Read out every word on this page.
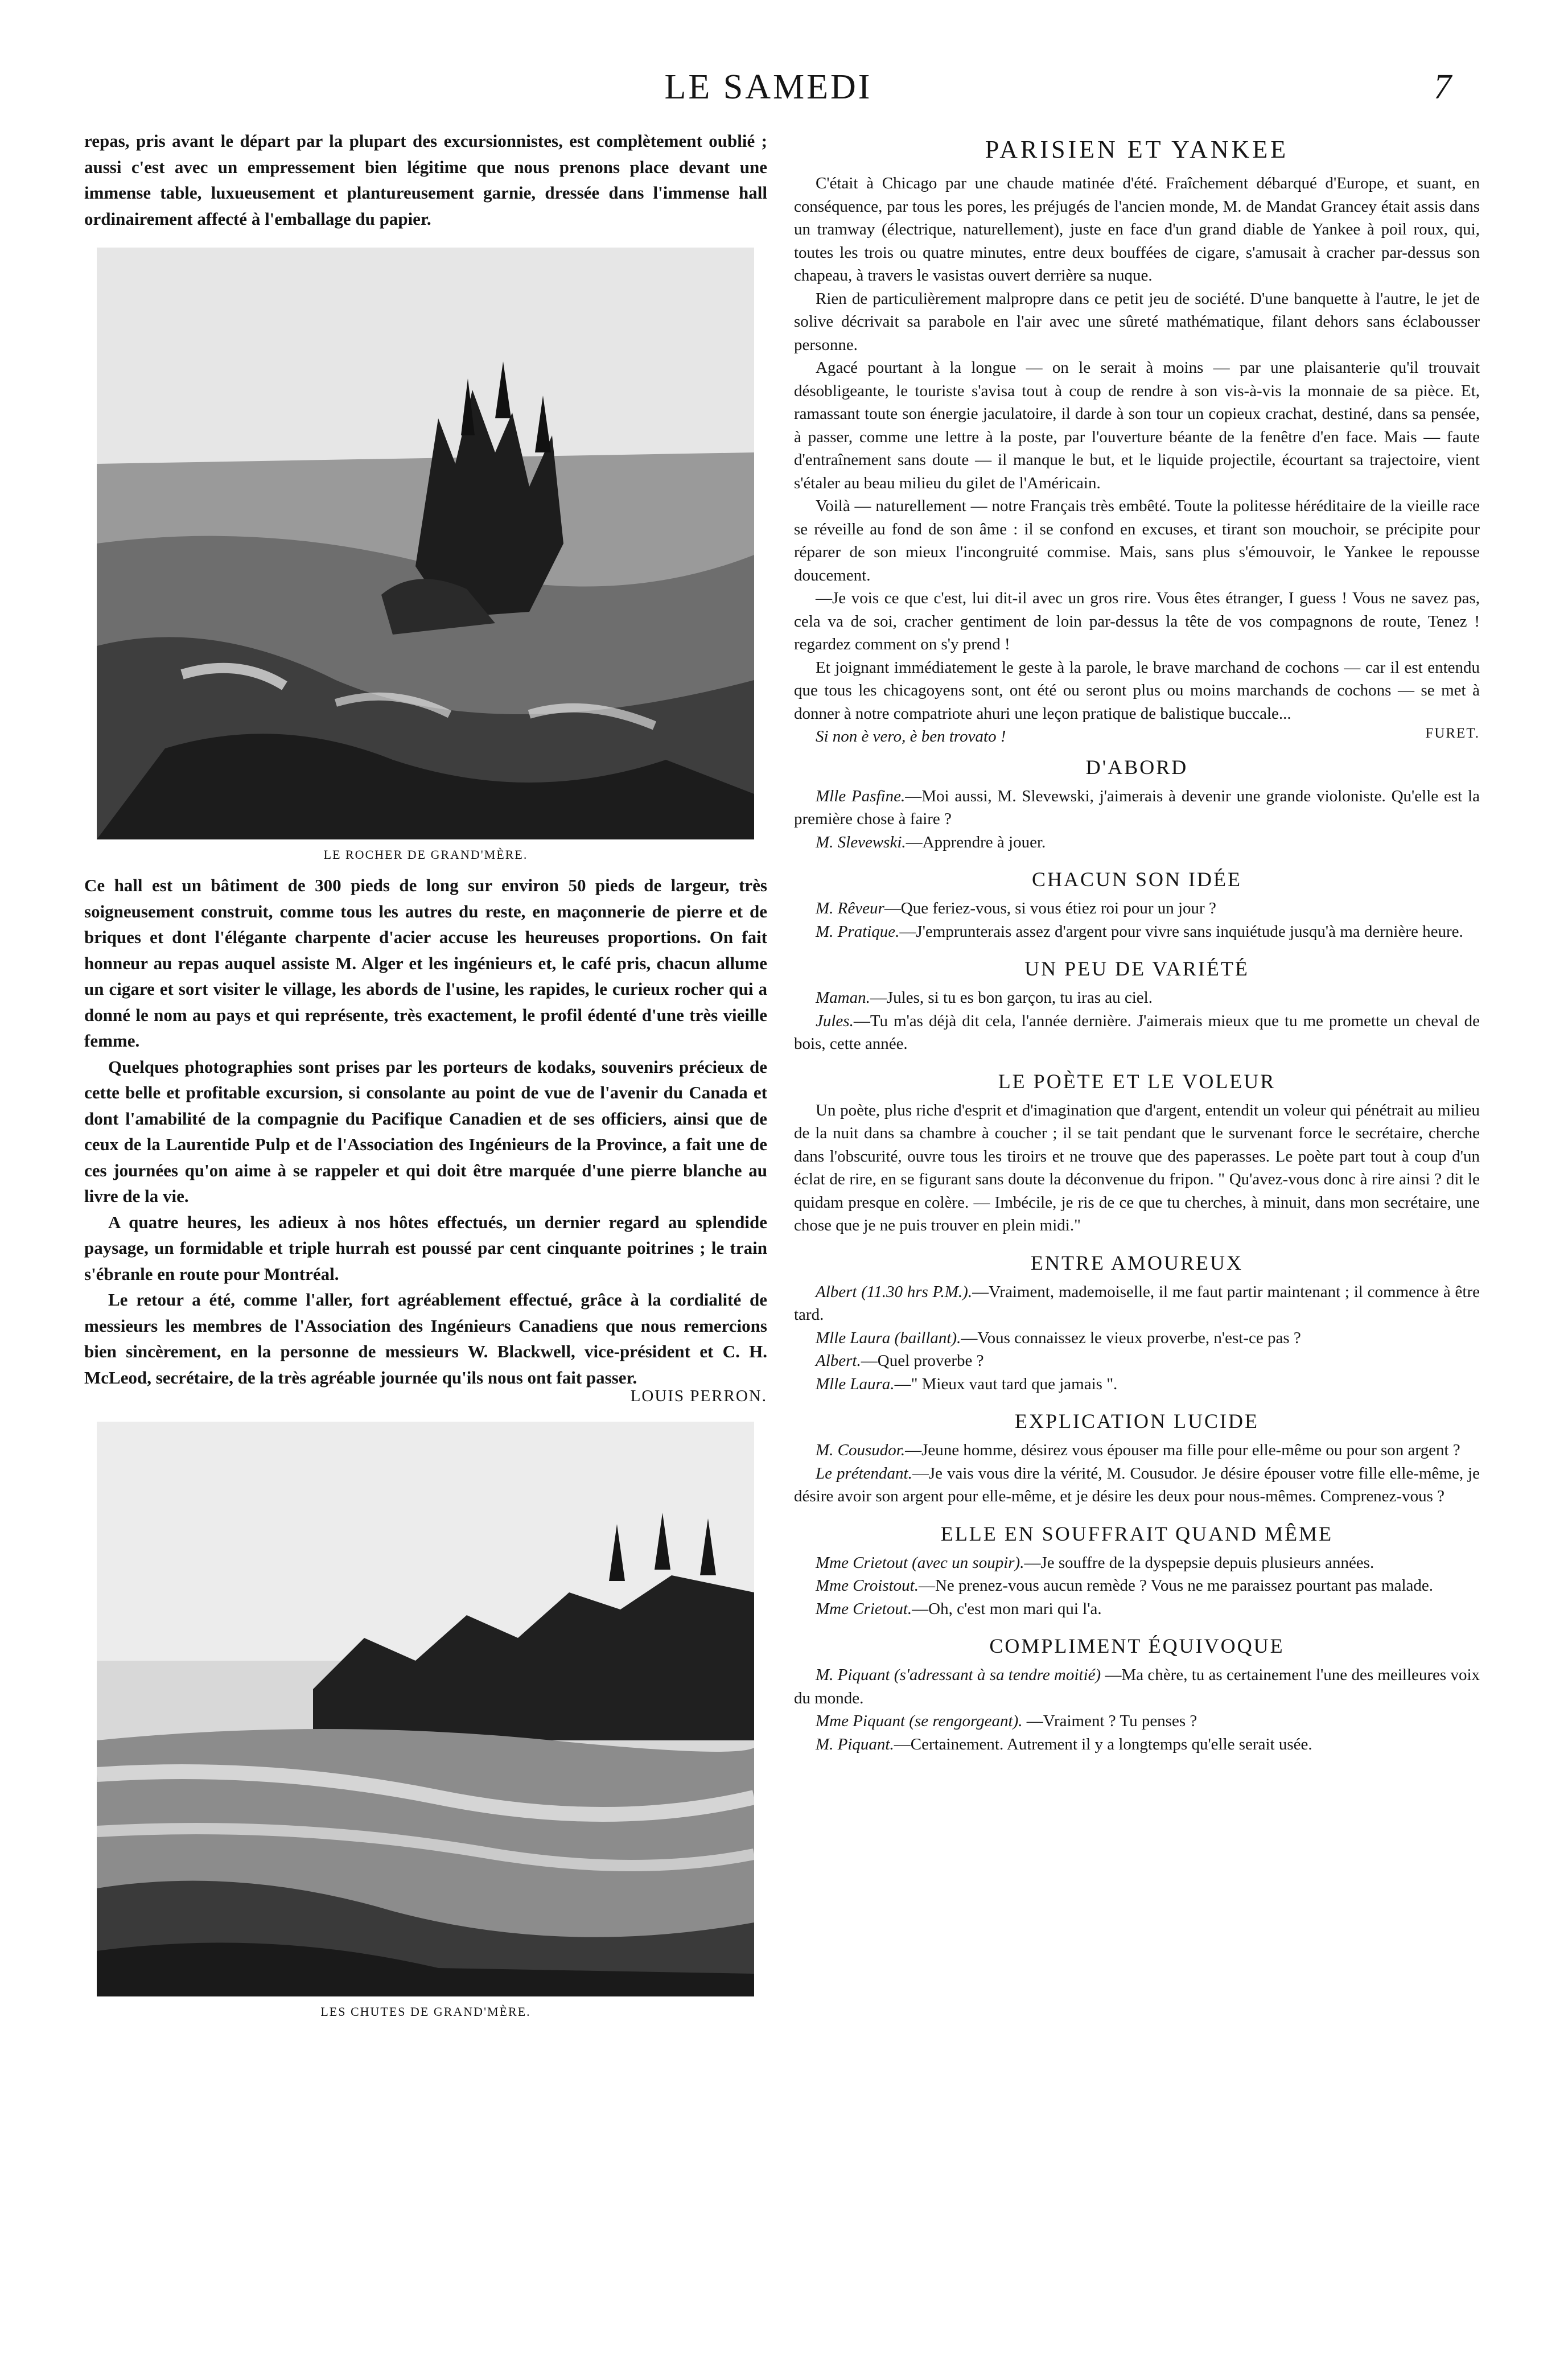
LE SAMEDI	7

repas, pris avant le départ par la plupart des excursionnistes, est complètement oublié ; aussi c'est avec un empressement bien légitime que nous prenons place devant une immense table, luxueusement et plantureusement garnie, dressée dans l'immense hall ordinairement affecté à l'emballage du papier.

LE ROCHER DE GRAND'MÈRE.

Ce hall est un bâtiment de 300 pieds de long sur environ 50 pieds de largeur, très soigneusement construit, comme tous les autres du reste, en maçonnerie de pierre et de briques et dont l'élégante charpente d'acier accuse les heureuses proportions. On fait honneur au repas auquel assiste M. Alger et les ingénieurs et, le café pris, chacun allume un cigare et sort visiter le village, les abords de l'usine, les rapides, le curieux rocher qui a donné le nom au pays et qui représente, très exactement, le profil édenté d'une très vieille femme.

Quelques photographies sont prises par les porteurs de kodaks, souvenirs précieux de cette belle et profitable excursion, si consolante au point de vue de l'avenir du Canada et dont l'amabilité de la compagnie du Pacifique Canadien et de ses officiers, ainsi que de ceux de la Laurentide Pulp et de l'Association des Ingénieurs de la Province, a fait une de ces journées qu'on aime à se rappeler et qui doit être marquée d'une pierre blanche au livre de la vie.

A quatre heures, les adieux à nos hôtes effectués, un dernier regard au splendide paysage, un formidable et triple hurrah est poussé par cent cinquante poitrines ; le train s'ébranle en route pour Montréal.

Le retour a été, comme l'aller, fort agréablement effectué, grâce à la cordialité de messieurs les membres de l'Association des Ingénieurs Canadiens que nous remercions bien sincèrement, en la personne de messieurs W. Blackwell, vice-président et C. H. McLeod, secrétaire, de la très agréable journée qu'ils nous ont fait passer.

LOUIS PERRON.
LES CHUTES DE GRAND'MÈRE.
PARISIEN ET YANKEE

C'était à Chicago par une chaude matinée d'été. Fraîchement débarqué d'Europe, et suant, en conséquence, par tous les pores, les préjugés de l'ancien monde, M. de Mandat Grancey était assis dans un tramway (électrique, naturellement), juste en face d'un grand diable de Yankee à poil roux, qui, toutes les trois ou quatre minutes, entre deux bouffées de cigare, s'amusait à cracher par-dessus son chapeau, à travers le vasistas ouvert derrière sa nuque.

Rien de particulièrement malpropre dans ce petit jeu de société. D'une banquette à l'autre, le jet de solive décrivait sa parabole en l'air avec une sûreté mathématique, filant dehors sans éclabousser personne.

Agacé pourtant à la longue — on le serait à moins — par une plaisanterie qu'il trouvait désobligeante, le touriste s'avisa tout à coup de rendre à son vis-à-vis la monnaie de sa pièce. Et, ramassant toute son énergie jaculatoire, il darde à son tour un copieux crachat, destiné, dans sa pensée, à passer, comme une lettre à la poste, par l'ouverture béante de la fenêtre d'en face. Mais — faute d'entraînement sans doute — il manque le but, et le liquide projectile, écourtant sa trajectoire, vient s'étaler au beau milieu du gilet de l'Américain.

Voilà — naturellement — notre Français très embêté. Toute la politesse héréditaire de la vieille race se réveille au fond de son âme : il se confond en excuses, et tirant son mouchoir, se précipite pour réparer de son mieux l'incongruité commise. Mais, sans plus s'émouvoir, le Yankee le repousse doucement.

—Je vois ce que c'est, lui dit-il avec un gros rire. Vous êtes étranger, I guess ! Vous ne savez pas, cela va de soi, cracher gentiment de loin par-dessus la tête de vos compagnons de route, Tenez ! regardez comment on s'y prend !

Et joignant immédiatement le geste à la parole, le brave marchand de cochons — car il est entendu que tous les chicagoyens sont, ont été ou seront plus ou moins marchands de cochons — se met à donner à notre compatriote ahuri une leçon pratique de balistique buccale...

Si non è vero, è ben trovato !	FURET.
D'ABORD

Mlle Pasfine.—Moi aussi, M. Slevewski, j'aimerais à devenir une grande violoniste. Qu'elle est la première chose à faire ?

M. Slevewski.—Apprendre à jouer.

CHACUN SON IDÉE

M. Rêveur—Que feriez-vous, si vous étiez roi pour un jour ?

M. Pratique.—J'emprunterais assez d'argent pour vivre sans inquiétude jusqu'à ma dernière heure.

UN PEU DE VARIÉTÉ

Maman.—Jules, si tu es bon garçon, tu iras au ciel.

Jules.—Tu m'as déjà dit cela, l'année dernière. J'aimerais mieux que tu me promette un cheval de bois, cette année.

LE POÈTE ET LE VOLEUR

Un poète, plus riche d'esprit et d'imagination que d'argent, entendit un voleur qui pénétrait au milieu de la nuit dans sa chambre à coucher ; il se tait pendant que le survenant force le secrétaire, cherche dans l'obscurité, ouvre tous les tiroirs et ne trouve que des paperasses. Le poète part tout à coup d'un éclat de rire, en se figurant sans doute la déconvenue du fripon. " Qu'avez-vous donc à rire ainsi ? dit le quidam presque en colère. — Imbécile, je ris de ce que tu cherches, à minuit, dans mon secrétaire, une chose que je ne puis trouver en plein midi."

ENTRE AMOUREUX

Albert (11.30 hrs P.M.).—Vraiment, mademoiselle, il me faut partir maintenant ; il commence à être tard.

Mlle Laura (baillant).—Vous connaissez le vieux proverbe, n'est-ce pas ?

Albert.—Quel proverbe ?

Mlle Laura.—" Mieux vaut tard que jamais ".

EXPLICATION LUCIDE

M. Cousudor.—Jeune homme, désirez vous épouser ma fille pour elle-même ou pour son argent ?

Le prétendant.—Je vais vous dire la vérité, M. Cousudor. Je désire épouser votre fille elle-même, je désire avoir son argent pour elle-même, et je désire les deux pour nous-mêmes. Comprenez-vous ?

ELLE EN SOUFFRAIT QUAND MÊME

Mme Crietout (avec un soupir).—Je souffre de la dyspepsie depuis plusieurs années.

Mme Croistout.—Ne prenez-vous aucun remède ? Vous ne me paraissez pourtant pas malade.

Mme Crietout.—Oh, c'est mon mari qui l'a.

COMPLIMENT ÉQUIVOQUE

M. Piquant (s'adressant à sa tendre moitié) —Ma chère, tu as certainement l'une des meilleures voix du monde.

Mme Piquant (se rengorgeant). —Vraiment ? Tu penses ?

M. Piquant.—Certainement. Autrement il y a longtemps qu'elle serait usée.
